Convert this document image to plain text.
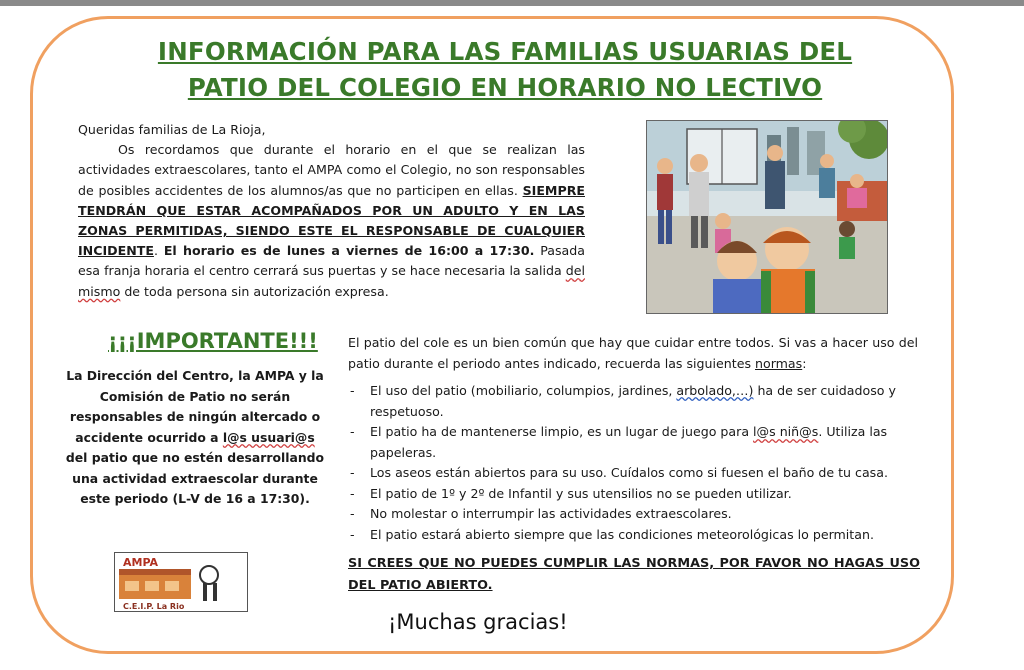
INFORMACIÓN PARA LAS FAMILIAS USUARIAS DEL
PATIO DEL COLEGIO EN HORARIO NO LECTIVO

Queridas familias de La Rioja,

Os recordamos que durante el horario en el que se realizan las actividades extraescolares, tanto el AMPA como el Colegio, no son responsables de posibles accidentes de los alumnos/as que no participen en ellas. SIEMPRE TENDRÁN QUE ESTAR ACOMPAÑADOS POR UN ADULTO Y EN LAS ZONAS PERMITIDAS, SIENDO ESTE EL RESPONSABLE DE CUALQUIER INCIDENTE. El horario es de lunes a viernes de 16:00 a 17:30. Pasada esa franja horaria el centro cerrará sus puertas y se hace necesaria la salida del mismo de toda persona sin autorización expresa.

¡¡¡IMPORTANTE!!!
La Dirección del Centro, la AMPA y la Comisión de Patio no serán responsables de ningún altercado o accidente ocurrido a l@s usuari@s del patio que no estén desarrollando una actividad extraescolar durante este periodo (L-V de 16 a 17:30).
AMPA
C.E.I.P. La Rio
El patio del cole es un bien común que hay que cuidar entre todos. Si vas a hacer uso del patio durante el periodo antes indicado, recuerda las siguientes normas:
- El uso del patio (mobiliario, columpios, jardines, arbolado,…) ha de ser cuidadoso y respetuoso.
- El patio ha de mantenerse limpio, es un lugar de juego para l@s niñ@s. Utiliza las papeleras.
- Los aseos están abiertos para su uso. Cuídalos como si fuesen el baño de tu casa.
- El patio de 1º y 2º de Infantil y sus utensilios no se pueden utilizar.
- No molestar o interrumpir las actividades extraescolares.
- El patio estará abierto siempre que las condiciones meteorológicas lo permitan.
SI CREES QUE NO PUEDES CUMPLIR LAS NORMAS, POR FAVOR NO HAGAS USO DEL PATIO ABIERTO.
¡Muchas gracias!
